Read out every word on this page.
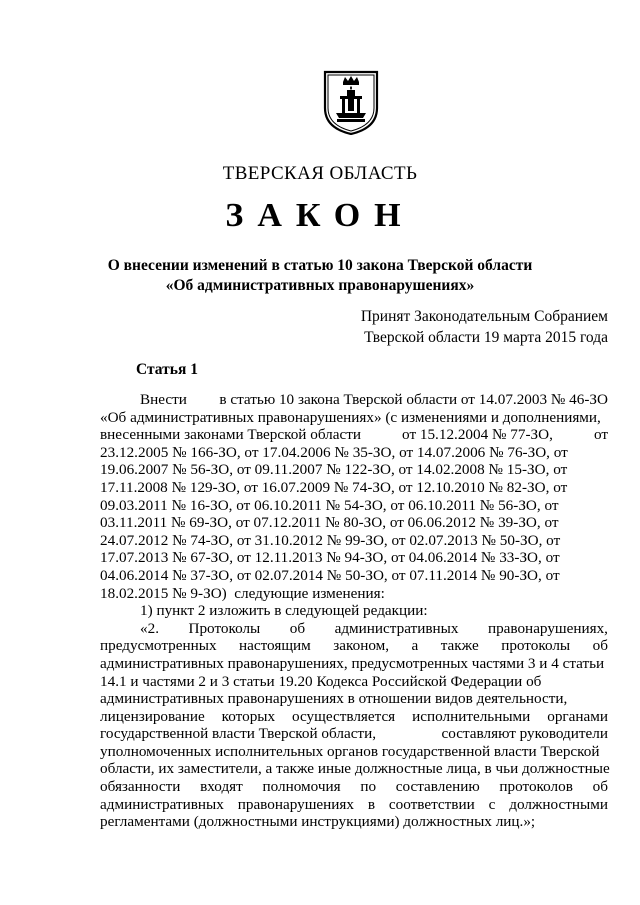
ТВЕРСКАЯ ОБЛАСТЬ
ЗАКОН
О внесении изменений в статью 10 закона Тверской области
«Об административных правонарушениях»
Принят Законодательным Собранием
Тверской области 19 марта 2015 года
Статья 1
Внести в статью 10 закона Тверской области от 14.07.2003 № 46-ЗО
«Об административных правонарушениях» (с изменениями и дополнениями,
внесенными законами Тверской области	от 15.12.2004 № 77-ЗО,	от
23.12.2005 № 166-ЗО, от 17.04.2006 № 35-ЗО, от 14.07.2006 № 76-ЗО, от
19.06.2007 № 56-ЗО, от 09.11.2007 № 122-ЗО, от 14.02.2008 № 15-ЗО, от
17.11.2008 № 129-ЗО, от 16.07.2009 № 74-ЗО, от 12.10.2010 № 82-ЗО, от
09.03.2011 № 16-ЗО, от 06.10.2011 № 54-ЗО, от 06.10.2011 № 56-ЗО, от
03.11.2011 № 69-ЗО, от 07.12.2011 № 80-ЗО, от 06.06.2012 № 39-ЗО, от
24.07.2012 № 74-ЗО, от 31.10.2012 № 99-ЗО, от 02.07.2013 № 50-ЗО, от
17.07.2013 № 67-ЗО, от 12.11.2013 № 94-ЗО, от 04.06.2014 № 33-ЗО, от
04.06.2014 № 37-ЗО, от 02.07.2014 № 50-ЗО, от 07.11.2014 № 90-ЗО, от
18.02.2015 № 9-ЗО)  следующие изменения:
1) пункт 2 изложить в следующей редакции:
«2. Протоколы об административных правонарушениях,
предусмотренных настоящим законом, а также протоколы об
административных правонарушениях, предусмотренных частями 3 и 4 статьи
14.1 и частями 2 и 3 статьи 19.20 Кодекса Российской Федерации об
административных правонарушениях в отношении видов деятельности,
лицензирование которых осуществляется исполнительными органами
государственной власти Тверской области,	составляют руководители
уполномоченных исполнительных органов государственной власти Тверской
области, их заместители, а также иные должностные лица, в чьи должностные
обязанности входят полномочия по составлению протоколов об
административных правонарушениях в соответствии с должностными
регламентами (должностными инструкциями) должностных лиц.»;
